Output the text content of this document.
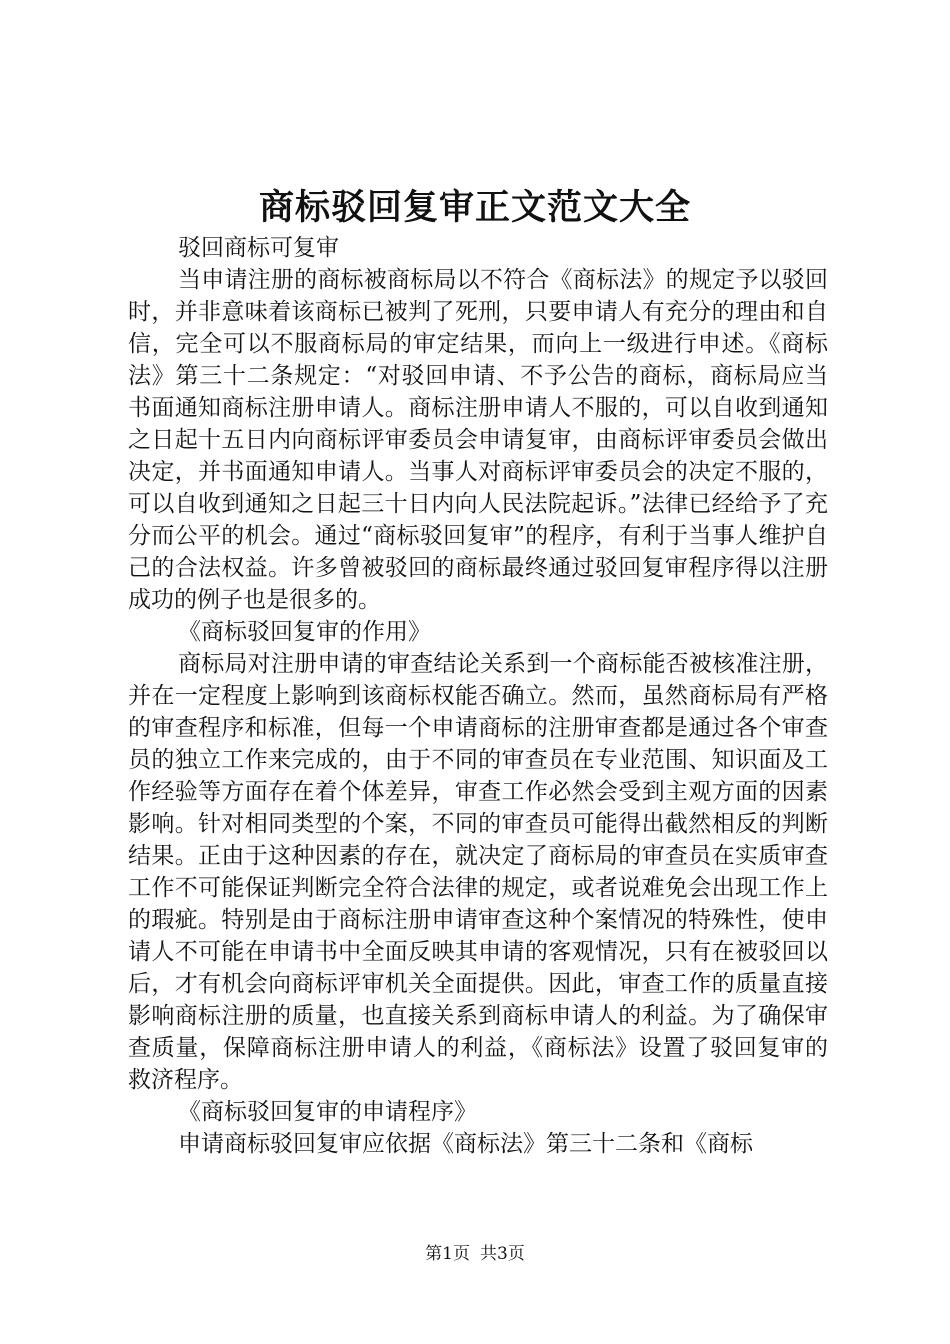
商标驳回复审正文范文大全

驳回商标可复审

当申请注册的商标被商标局以不符合《商标法》的规定予以驳回时，并非意味着该商标已被判了死刑，只要申请人有充分的理由和自信，完全可以不服商标局的审定结果，而向上一级进行申述。《商标法》第三十二条规定：“对驳回申请、不予公告的商标，商标局应当书面通知商标注册申请人。商标注册申请人不服的，可以自收到通知之日起十五日内向商标评审委员会申请复审，由商标评审委员会做出决定，并书面通知申请人。当事人对商标评审委员会的决定不服的，可以自收到通知之日起三十日内向人民法院起诉。”法律已经给予了充分而公平的机会。通过“商标驳回复审”的程序，有利于当事人维护自己的合法权益。许多曾被驳回的商标最终通过驳回复审程序得以注册成功的例子也是很多的。

《商标驳回复审的作用》

商标局对注册申请的审查结论关系到一个商标能否被核准注册，并在一定程度上影响到该商标权能否确立。然而，虽然商标局有严格的审查程序和标准，但每一个申请商标的注册审查都是通过各个审查员的独立工作来完成的，由于不同的审查员在专业范围、知识面及工作经验等方面存在着个体差异，审查工作必然会受到主观方面的因素影响。针对相同类型的个案，不同的审查员可能得出截然相反的判断结果。正由于这种因素的存在，就决定了商标局的审查员在实质审查工作不可能保证判断完全符合法律的规定，或者说难免会出现工作上的瑕疵。特别是由于商标注册申请审查这种个案情况的特殊性，使申请人不可能在申请书中全面反映其申请的客观情况，只有在被驳回以后，才有机会向商标评审机关全面提供。因此，审查工作的质量直接影响商标注册的质量，也直接关系到商标申请人的利益。为了确保审查质量，保障商标注册申请人的利益，《商标法》设置了驳回复审的救济程序。

《商标驳回复审的申请程序》

申请商标驳回复审应依据《商标法》第三十二条和《商标

第1页 共3页
